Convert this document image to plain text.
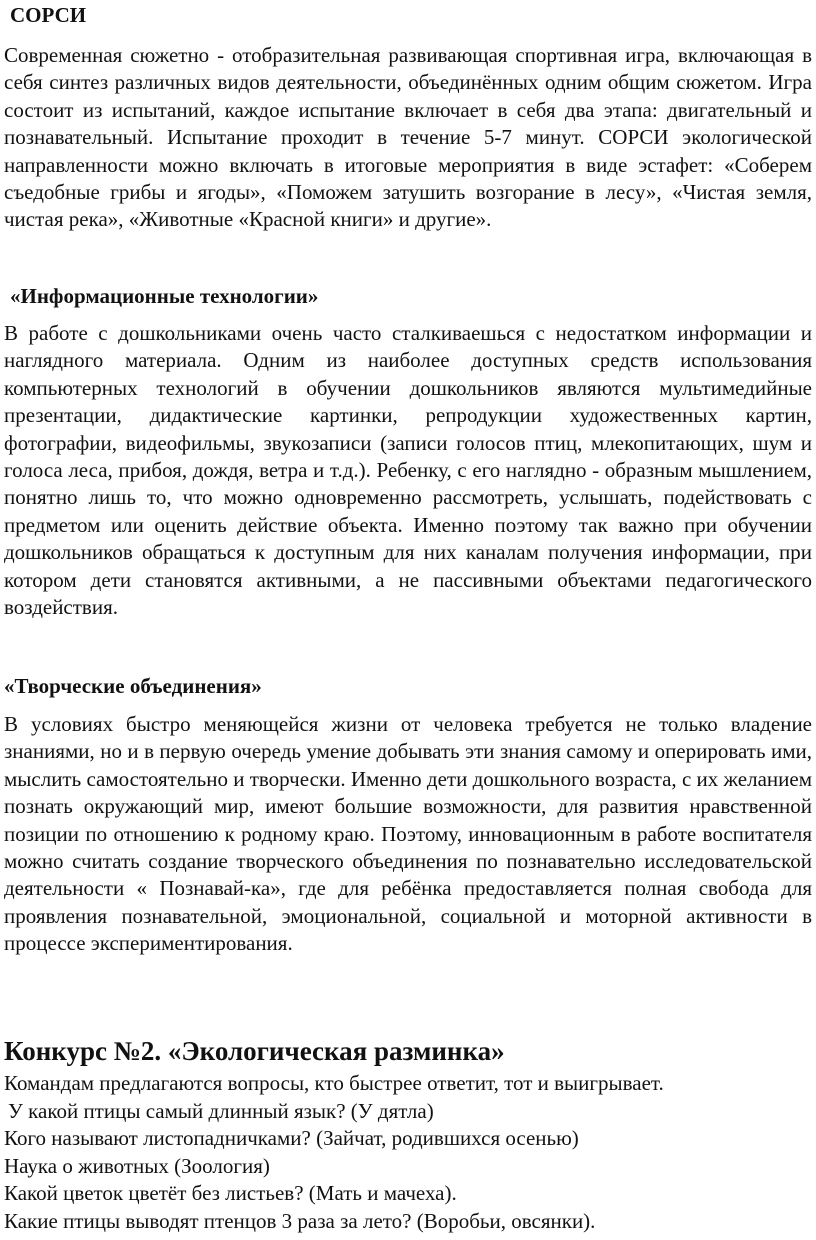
СОРСИ

Современная сюжетно - отобразительная развивающая спортивная игра, включающая в себя синтез различных видов деятельности, объединённых одним общим сюжетом. Игра состоит из испытаний, каждое испытание включает в себя два этапа: двигательный и познавательный. Испытание проходит в течение 5-7 минут. СОРСИ экологической направленности можно включать в итоговые мероприятия в виде эстафет: «Соберем съедобные грибы и ягоды», «Поможем затушить возгорание в лесу», «Чистая земля, чистая река», «Животные «Красной книги» и другие».

«Информационные технологии»

В работе с дошкольниками очень часто сталкиваешься с недостатком информации и наглядного материала. Одним из наиболее доступных средств использования компьютерных технологий в обучении дошкольников являются мультимедийные презентации, дидактические картинки, репродукции художественных картин, фотографии, видеофильмы, звукозаписи (записи голосов птиц, млекопитающих, шум и голоса леса, прибоя, дождя, ветра и т.д.). Ребенку, с его наглядно - образным мышлением, понятно лишь то, что можно одновременно рассмотреть, услышать, подействовать с предметом или оценить действие объекта. Именно поэтому так важно при обучении дошкольников обращаться к доступным для них каналам получения информации, при котором дети становятся активными, а не пассивными объектами педагогического воздействия.

«Творческие объединения»

В условиях быстро меняющейся жизни от человека требуется не только владение знаниями, но и в первую очередь умение добывать эти знания самому и оперировать ими, мыслить самостоятельно и творчески. Именно дети дошкольного возраста, с их желанием познать окружающий мир, имеют большие возможности, для развития нравственной позиции по отношению к родному краю. Поэтому, инновационным в работе воспитателя можно считать создание творческого объединения по познавательно исследовательской деятельности « Познавай-ка», где для ребёнка предоставляется полная свобода для проявления познавательной, эмоциональной, социальной и моторной активности в процессе экспериментирования.

Конкурс №2. «Экологическая разминка»
Командам предлагаются вопросы, кто быстрее ответит, тот и выигрывает.
У какой птицы самый длинный язык? (У дятла)
Кого называют листопадничками? (Зайчат, родившихся осенью)
Наука о животных (Зоология)
Какой цветок цветёт без листьев? (Мать и мачеха).
Какие птицы выводят птенцов 3 раза за лето? (Воробьи, овсянки).
